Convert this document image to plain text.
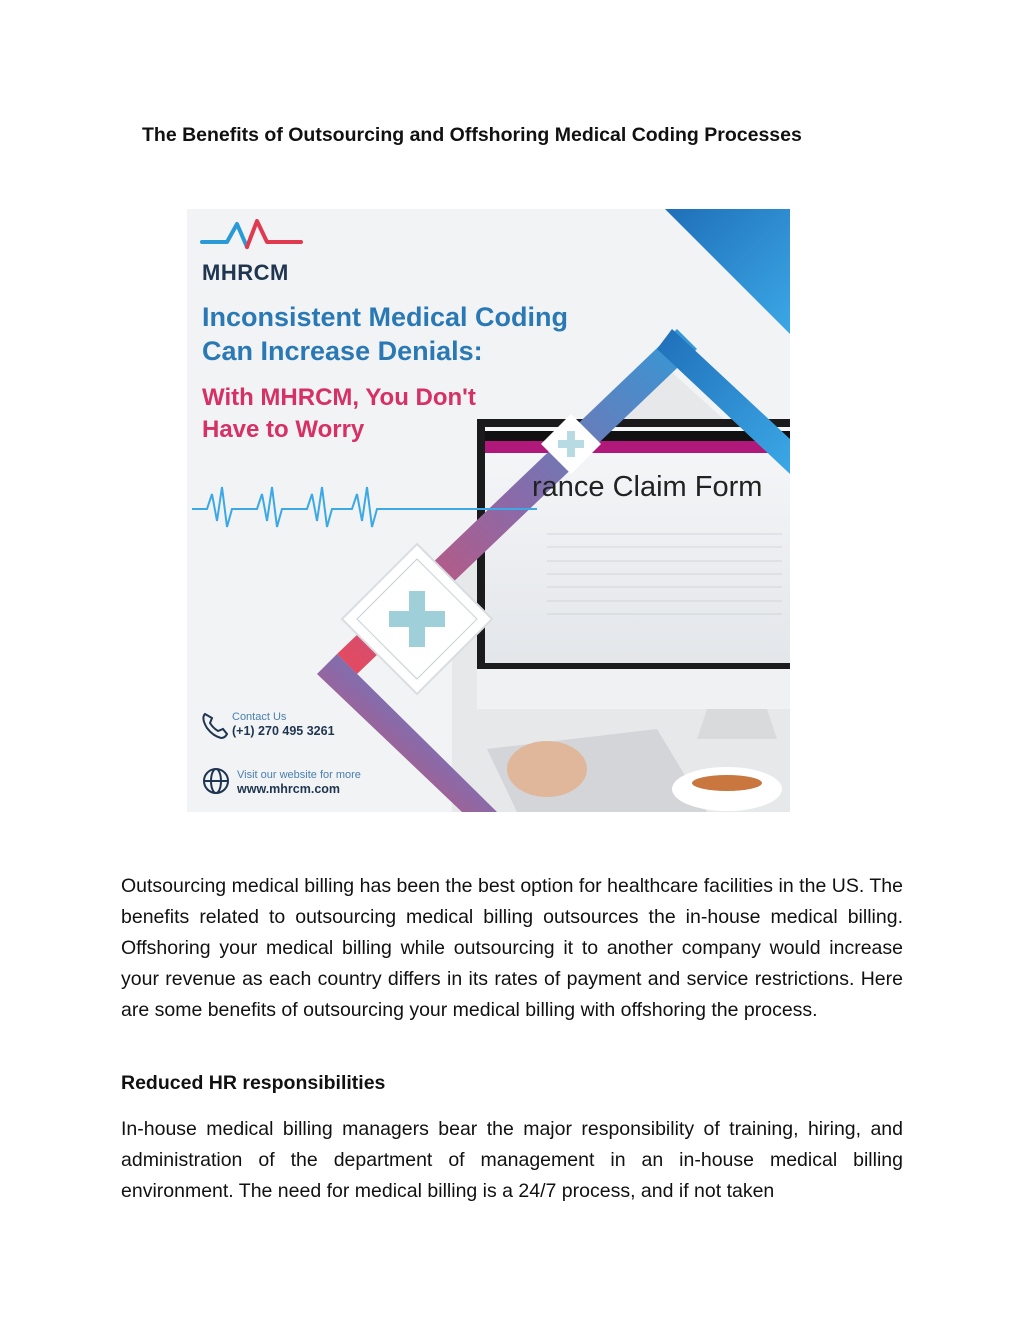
The Benefits of Outsourcing and Offshoring Medical Coding Processes
MHRCM
Inconsistent Medical Coding
Can Increase Denials:
With MHRCM, You Don't
Have to Worry
rance Claim Form
Contact Us
(+1) 270 495 3261
Visit our website for more
www.mhrcm.com

Outsourcing medical billing has been the best option for healthcare facilities in the US. The benefits related to outsourcing medical billing outsources the in-house medical billing. Offshoring your medical billing while outsourcing it to another company would increase your revenue as each country differs in its rates of payment and service restrictions. Here are some benefits of outsourcing your medical billing with offshoring the process.

Reduced HR responsibilities

In-house medical billing managers bear the major responsibility of training, hiring, and administration of the department of management in an in-house medical billing environment. The need for medical billing is a 24/7 process, and if not taken
